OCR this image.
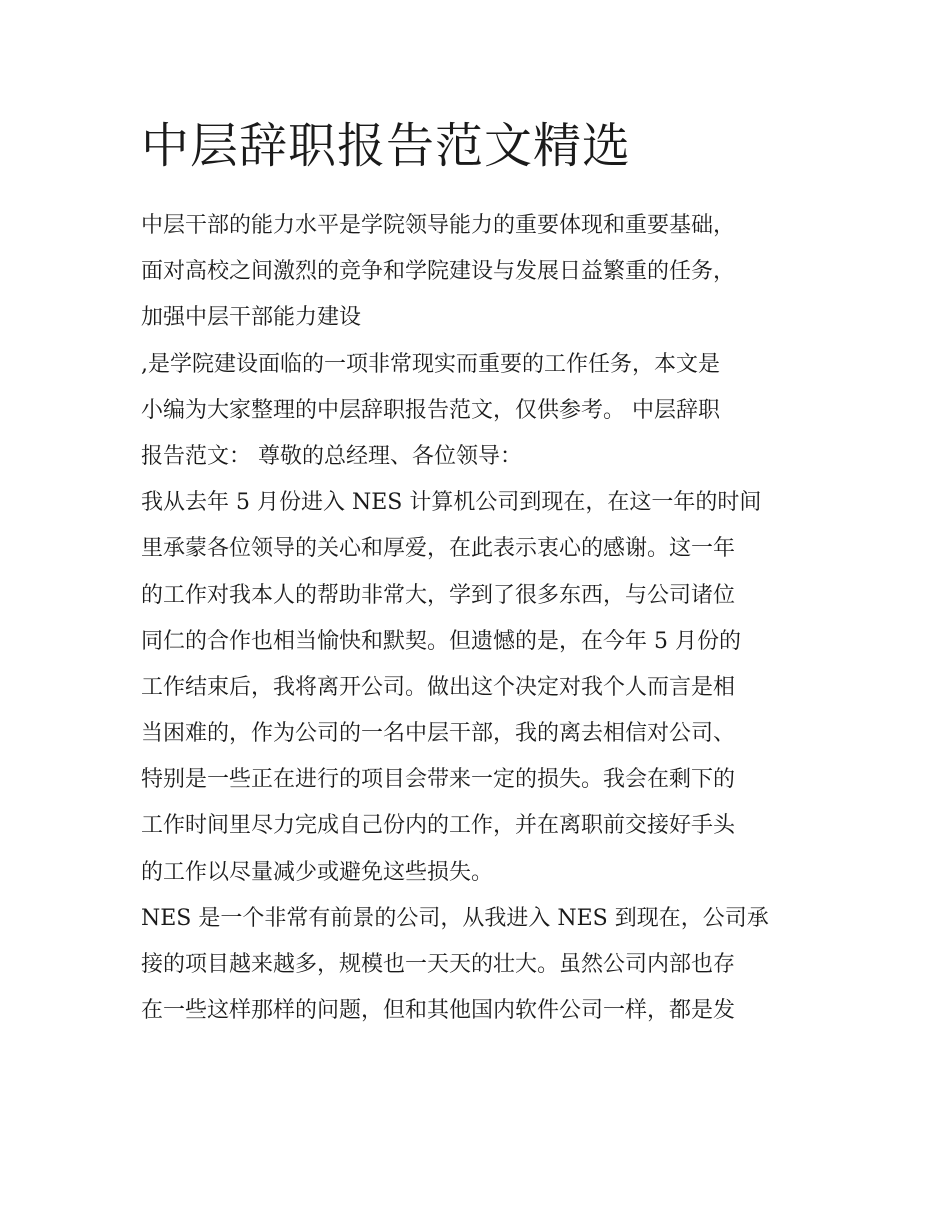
中层辞职报告范文精选
中层干部的能力水平是学院领导能力的重要体现和重要基础，
面对高校之间激烈的竞争和学院建设与发展日益繁重的任务，
加强中层干部能力建设
,是学院建设面临的一项非常现实而重要的工作任务，本文是
小编为大家整理的中层辞职报告范文，仅供参考。 中层辞职
报告范文： 尊敬的总经理、各位领导：
我从去年 5 月份进入 NES 计算机公司到现在，在这一年的时间
里承蒙各位领导的关心和厚爱，在此表示衷心的感谢。这一年
的工作对我本人的帮助非常大，学到了很多东西，与公司诸位
同仁的合作也相当愉快和默契。但遗憾的是，在今年 5 月份的
工作结束后，我将离开公司。做出这个决定对我个人而言是相
当困难的，作为公司的一名中层干部，我的离去相信对公司、
特别是一些正在进行的项目会带来一定的损失。我会在剩下的
工作时间里尽力完成自己份内的工作，并在离职前交接好手头
的工作以尽量减少或避免这些损失。
NES 是一个非常有前景的公司，从我进入 NES 到现在，公司承
接的项目越来越多，规模也一天天的壮大。虽然公司内部也存
在一些这样那样的问题，但和其他国内软件公司一样，都是发
